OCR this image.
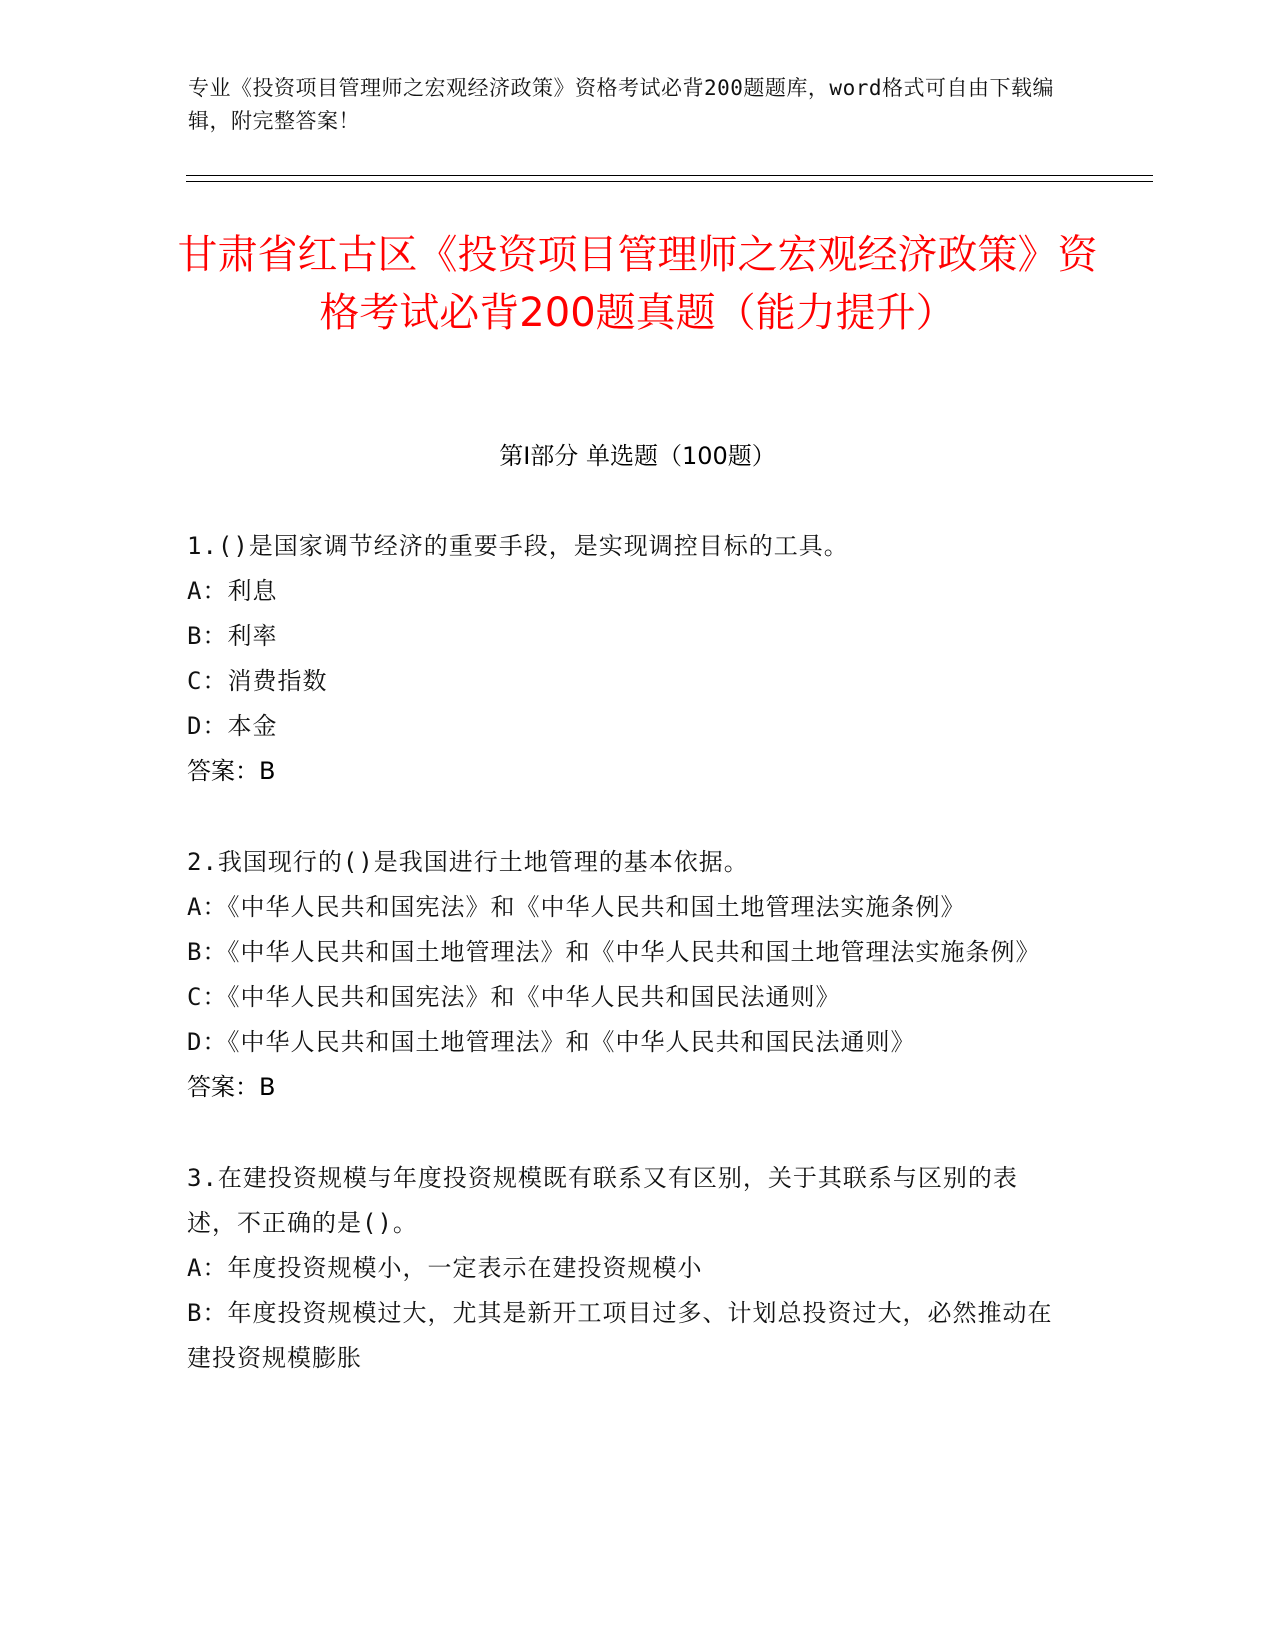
专业《投资项目管理师之宏观经济政策》资格考试必背200题题库，word格式可自由下载编辑，附完整答案！
甘肃省红古区《投资项目管理师之宏观经济政策》资格考试必背200题真题（能力提升）
第I部分 单选题（100题）

1.()是国家调节经济的重要手段，是实现调控目标的工具。

A：利息

B：利率

C：消费指数

D：本金

答案：B

2.我国现行的()是我国进行土地管理的基本依据。

A：《中华人民共和国宪法》和《中华人民共和国土地管理法实施条例》

B：《中华人民共和国土地管理法》和《中华人民共和国土地管理法实施条例》

C：《中华人民共和国宪法》和《中华人民共和国民法通则》

D：《中华人民共和国土地管理法》和《中华人民共和国民法通则》

答案：B

3.在建投资规模与年度投资规模既有联系又有区别，关于其联系与区别的表述，不正确的是()。

A：年度投资规模小，一定表示在建投资规模小

B：年度投资规模过大，尤其是新开工项目过多、计划总投资过大，必然推动在建投资规模膨胀
